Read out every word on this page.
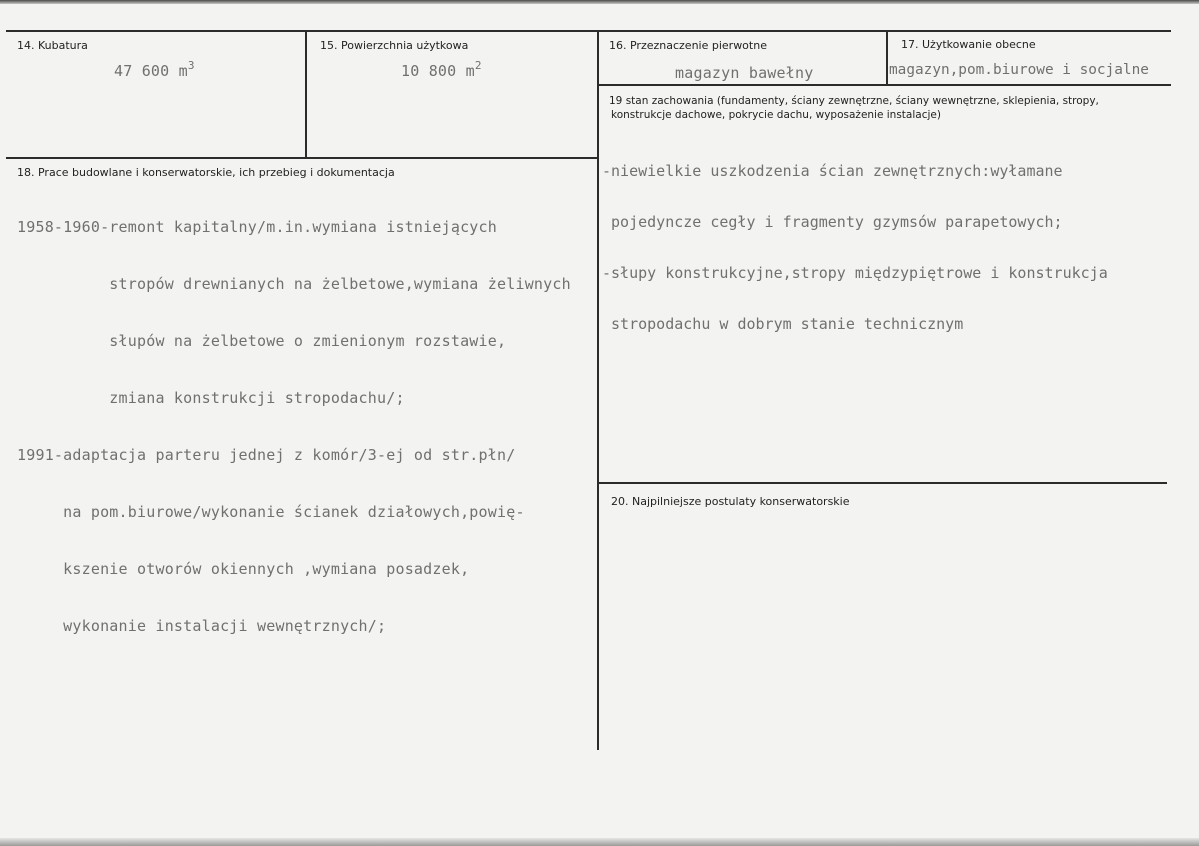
14. Kubatura
47 600 $m^3$
15. Powierzchnia użytkowa
10 800 $m^2$
16. Przeznaczenie pierwotne
magazyn bawełny
17. Użytkowanie obecne
magazyn,pom.biurowe i socjalne
19 stan zachowania (fundamenty, ściany zewnętrzne, ściany wewnętrzne, sklepienia, stropy,
konstrukcje dachowe, pokrycie dachu, wyposażenie instalacje)

-niewielkie uszkodzenia ścian zewnętrznych:wyłamane

pojedyncze cegły i fragmenty gzymsów parapetowych;

-słupy konstrukcyjne,stropy międzypiętrowe i konstrukcja

stropodachu w dobrym stanie technicznym

18. Prace budowlane i konserwatorskie, ich przebieg i dokumentacja

1958-1960-remont kapitalny/m.in.wymiana istniejących

stropów drewnianych na żelbetowe,wymiana żeliwnych

słupów na żelbetowe o zmienionym rozstawie,

zmiana konstrukcji stropodachu/;

1991-adaptacja parteru jednej z komór/3-ej od str.płn/

na pom.biurowe/wykonanie ścianek działowych,powię-

kszenie otworów okiennych ,wymiana posadzek,

wykonanie instalacji wewnętrznych/;

20. Najpilniejsze postulaty konserwatorskie
